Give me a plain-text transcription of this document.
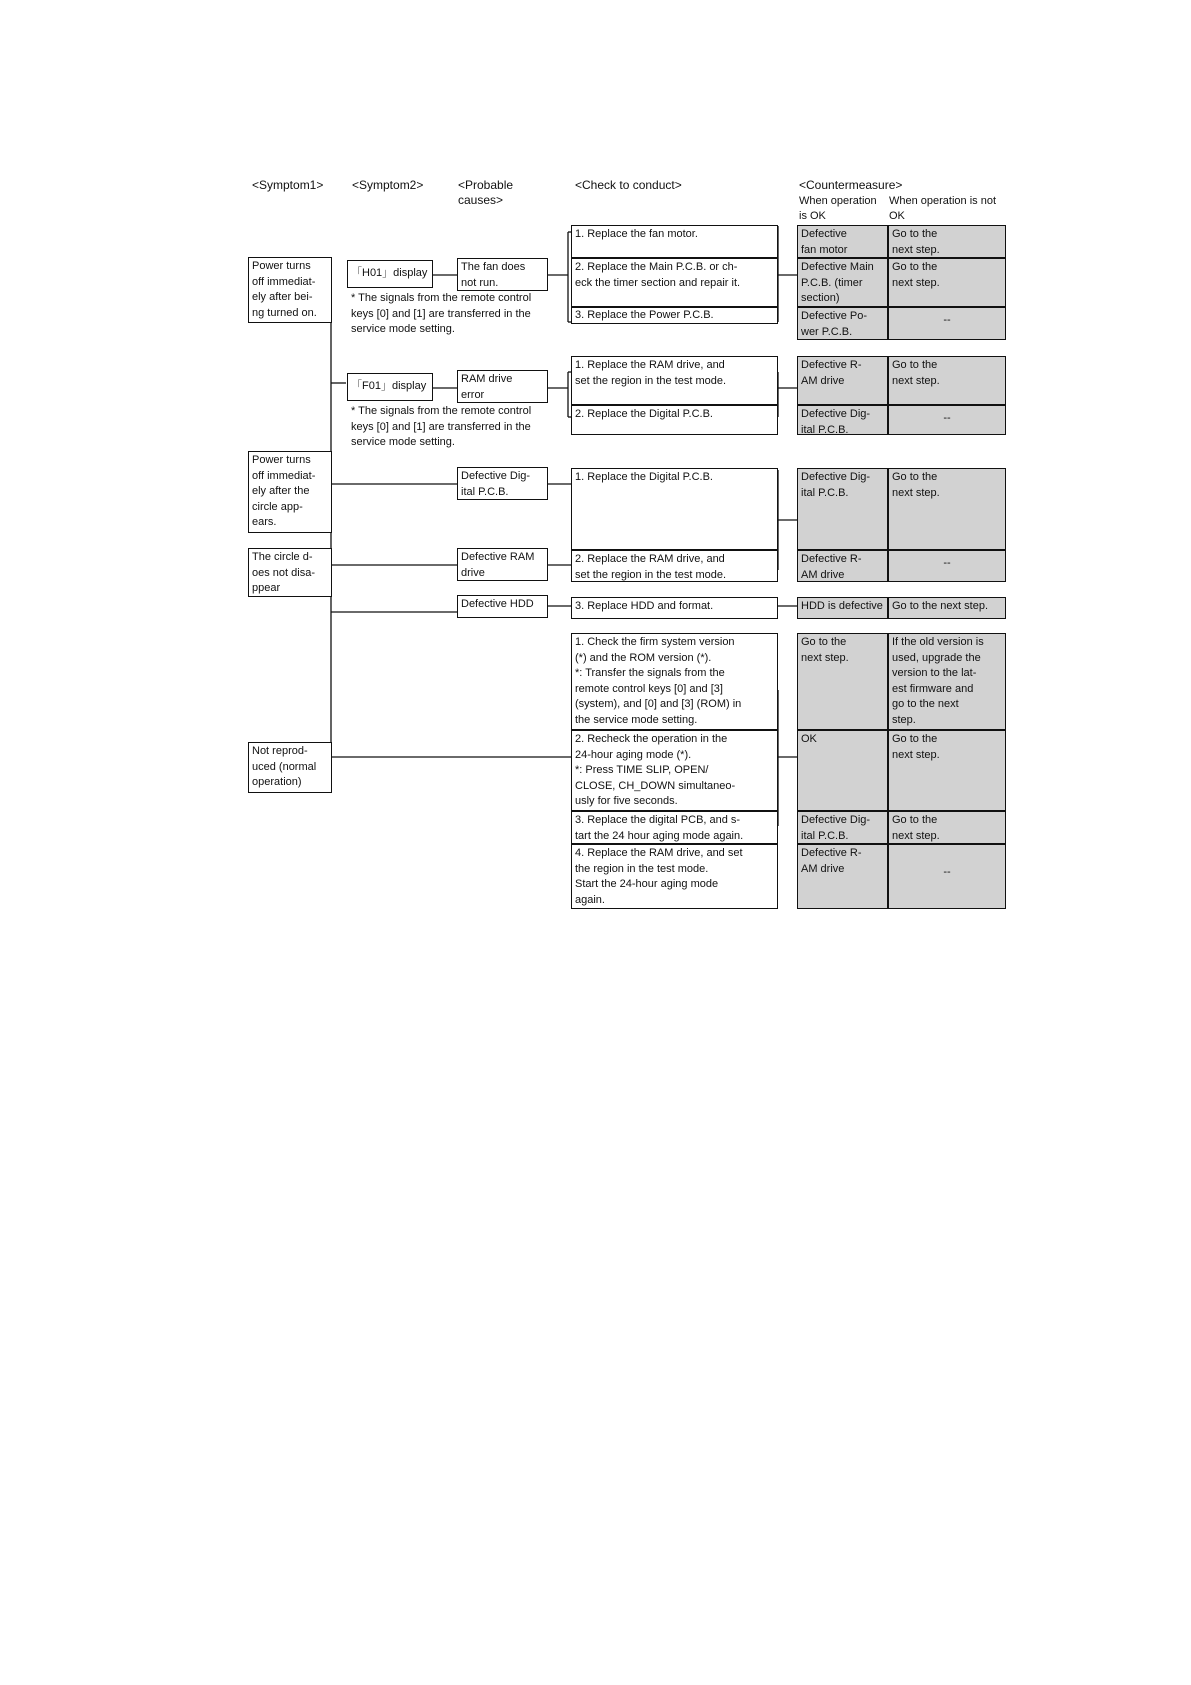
<Symptom1> <Symptom2>	<Probable
causes>
<Check to conduct>	<Countermeasure>
When operation
is OK
When operation is not
OK
Power turns
off immediat-
ely after bei-
ng turned on.
Power turns
off immediat-
ely after the
circle app-
ears.
The circle d-
oes not disa-
ppear
Not reprod-
uced (normal
operation)
「H01」display
* The signals from the remote control
keys [0] and [1] are transferred in the
service mode setting.
「F01」display
* The signals from the remote control
keys [0] and [1] are transferred in the
service mode setting.
The fan does
not run.
RAM drive
error
Defective Dig-
ital P.C.B.
Defective RAM
drive
Defective HDD
1. Replace the fan motor.
2. Replace the Main P.C.B. or ch-
eck the timer section and repair it.
3. Replace the Power P.C.B.
1. Replace the RAM drive, and
set the region in the test mode.
2. Replace the Digital P.C.B.
1. Replace the Digital P.C.B.
2. Replace the RAM drive, and
set the region in the test mode.
3. Replace HDD and format.
1. Check the firm system version
(*) and the ROM version (*).
*: Transfer the signals from the
remote control keys [0] and [3]
(system), and [0] and [3] (ROM) in
the service mode setting.
2. Recheck the operation in the
24-hour aging mode (*).
*: Press TIME SLIP, OPEN/
CLOSE, CH_DOWN simultaneo-
usly for five seconds.
3. Replace the digital PCB, and s-
tart the 24 hour aging mode again.
4. Replace the RAM drive, and set
the region in the test mode.
Start the 24-hour aging mode
again.
Defective
fan motor
Defective Main
P.C.B. (timer
section)
Defective Po-
wer P.C.B.
Defective R-
AM drive
Defective Dig-
ital P.C.B.
Defective Dig-
ital P.C.B.
Defective R-
AM drive
HDD is defective
Go to the
next step.
OK
Defective Dig-
ital P.C.B.
Defective R-
AM drive
Go to the
next step.
Go to the
next step.
--
Go to the
next step.
--
Go to the
next step.
--
Go to the next step.
If the old version is
used, upgrade the
version to the lat-
est firmware and
go to the next
step.
Go to the
next step.
Go to the
next step.
--
